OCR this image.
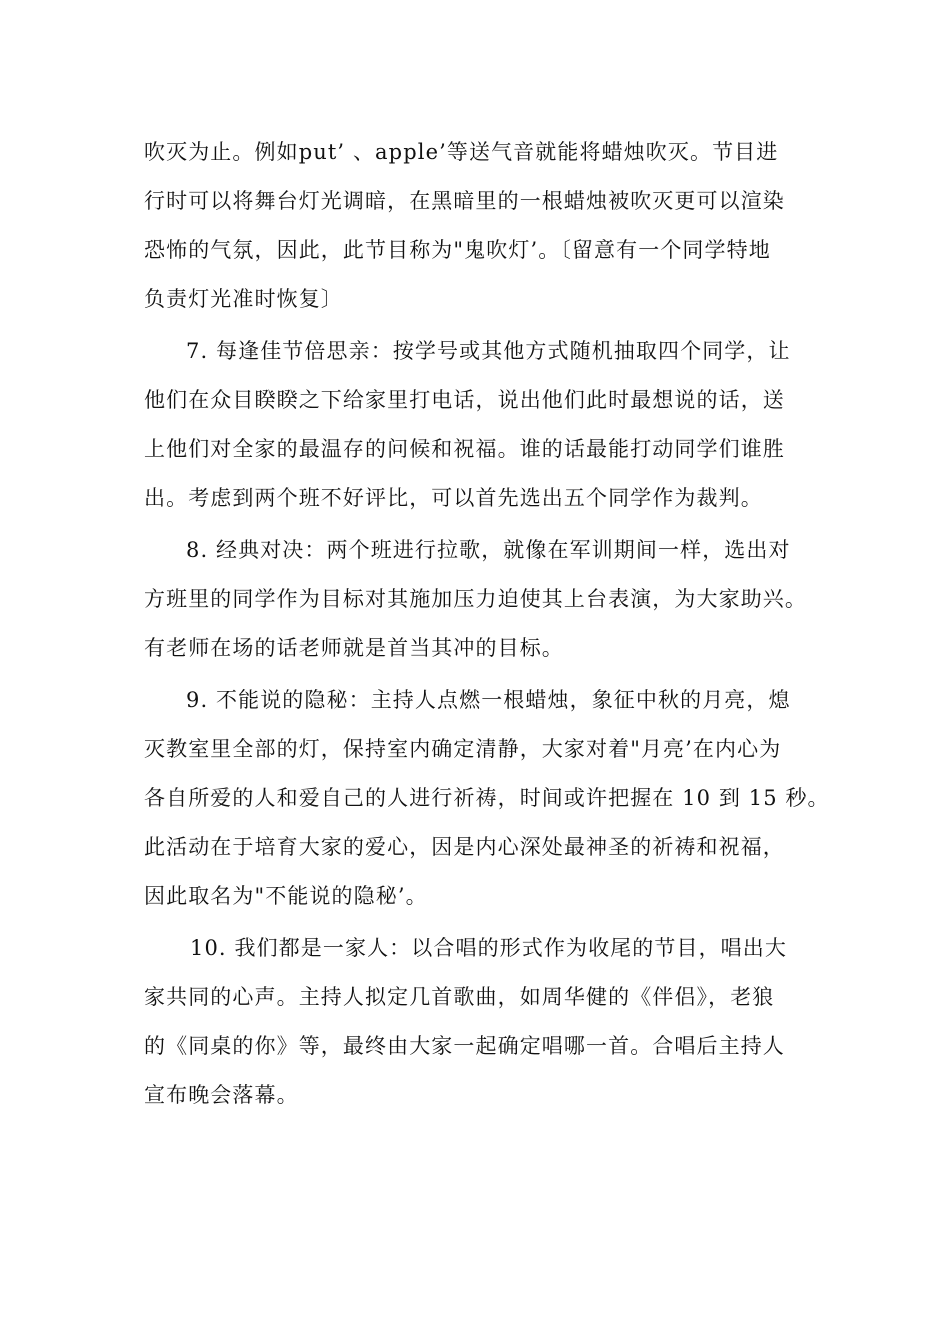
吹灭为止。例如put’ 、apple’等送气音就能将蜡烛吹灭。节目进
行时可以将舞台灯光调暗，在黑暗里的一根蜡烛被吹灭更可以渲染
恐怖的气氛，因此，此节目称为"鬼吹灯’。〔留意有一个同学特地
负责灯光准时恢复〕
7. 每逢佳节倍思亲：按学号或其他方式随机抽取四个同学，让
他们在众目睽睽之下给家里打电话，说出他们此时最想说的话，送
上他们对全家的最温存的问候和祝福。谁的话最能打动同学们谁胜
出。考虑到两个班不好评比，可以首先选出五个同学作为裁判。
8. 经典对决：两个班进行拉歌，就像在军训期间一样，选出对
方班里的同学作为目标对其施加压力迫使其上台表演，为大家助兴。
有老师在场的话老师就是首当其冲的目标。
9. 不能说的隐秘：主持人点燃一根蜡烛，象征中秋的月亮，熄
灭教室里全部的灯，保持室内确定清静，大家对着"月亮’在内心为
各自所爱的人和爱自己的人进行祈祷，时间或许把握在 10 到 15 秒。
此活动在于培育大家的爱心，因是内心深处最神圣的祈祷和祝福，
因此取名为"不能说的隐秘’。
10. 我们都是一家人：以合唱的形式作为收尾的节目，唱出大
家共同的心声。主持人拟定几首歌曲，如周华健的《伴侣》，老狼
的《同桌的你》等，最终由大家一起确定唱哪一首。合唱后主持人
宣布晚会落幕。
